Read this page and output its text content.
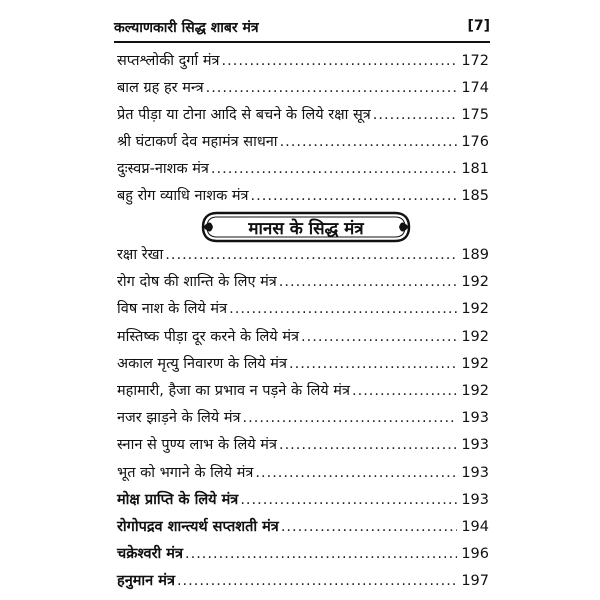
कल्याणकारी सिद्ध शाबर मंत्र	[7]
सप्तश्लोकी दुर्गा मंत्र .....	172
बाल ग्रह हर मन्त्र .....	174
प्रेत पीड़ा या टोना आदि से बचने के लिये रक्षा सूत्र .....	175
श्री घंटाकर्ण देव महामंत्र साधना .....	176
दुःस्वप्न-नाशक मंत्र .....	181
बहु रोग व्याधि नाशक मंत्र .....	185
मानस के सिद्ध मंत्र
रक्षा रेखा .....	189
रोग दोष की शान्ति के लिए मंत्र .....	192
विष नाश के लिये मंत्र .....	192
मस्तिष्क पीड़ा दूर करने के लिये मंत्र .....	192
अकाल मृत्यु निवारण के लिये मंत्र .....	192
महामारी, हैजा का प्रभाव न पड़ने के लिये मंत्र .....	192
नजर झाड़ने के लिये मंत्र .....	193
स्नान से पुण्य लाभ के लिये मंत्र .....	193
भूत को भगाने के लिये मंत्र .....	193
मोक्ष प्राप्ति के लिये मंत्र .....	193
रोगोपद्रव शान्त्यर्थ सप्तशती मंत्र .....	194
चक्रेश्वरी मंत्र .....	196
हनुमान मंत्र .....	197
